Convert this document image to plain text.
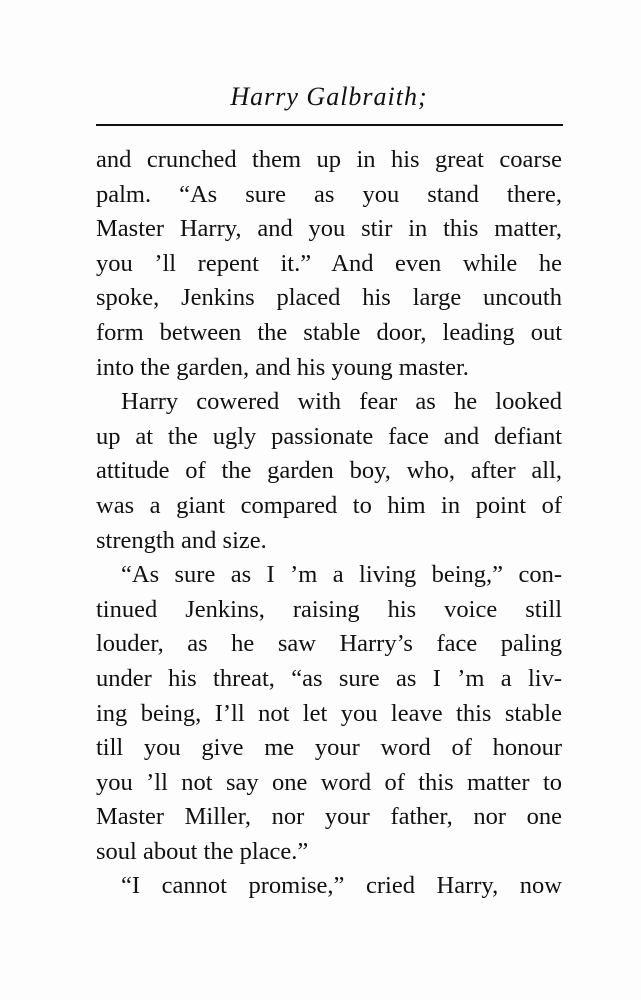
Harry Galbraith;
and crunched them up in his great coarse
palm. “As sure as you stand there,
Master Harry, and you stir in this matter,
you ’ll repent it.” And even while he
spoke, Jenkins placed his large uncouth
form between the stable door, leading out
into the garden, and his young master.
Harry cowered with fear as he looked
up at the ugly passionate face and defiant
attitude of the garden boy, who, after all,
was a giant compared to him in point of
strength and size.
“As sure as I ’m a living being,” con-
tinued Jenkins, raising his voice still
louder, as he saw Harry’s face paling
under his threat, “as sure as I ’m a liv-
ing being, I’ll not let you leave this stable
till you give me your word of honour
you ’ll not say one word of this matter to
Master Miller, nor your father, nor one
soul about the place.”
“I cannot promise,” cried Harry, now
